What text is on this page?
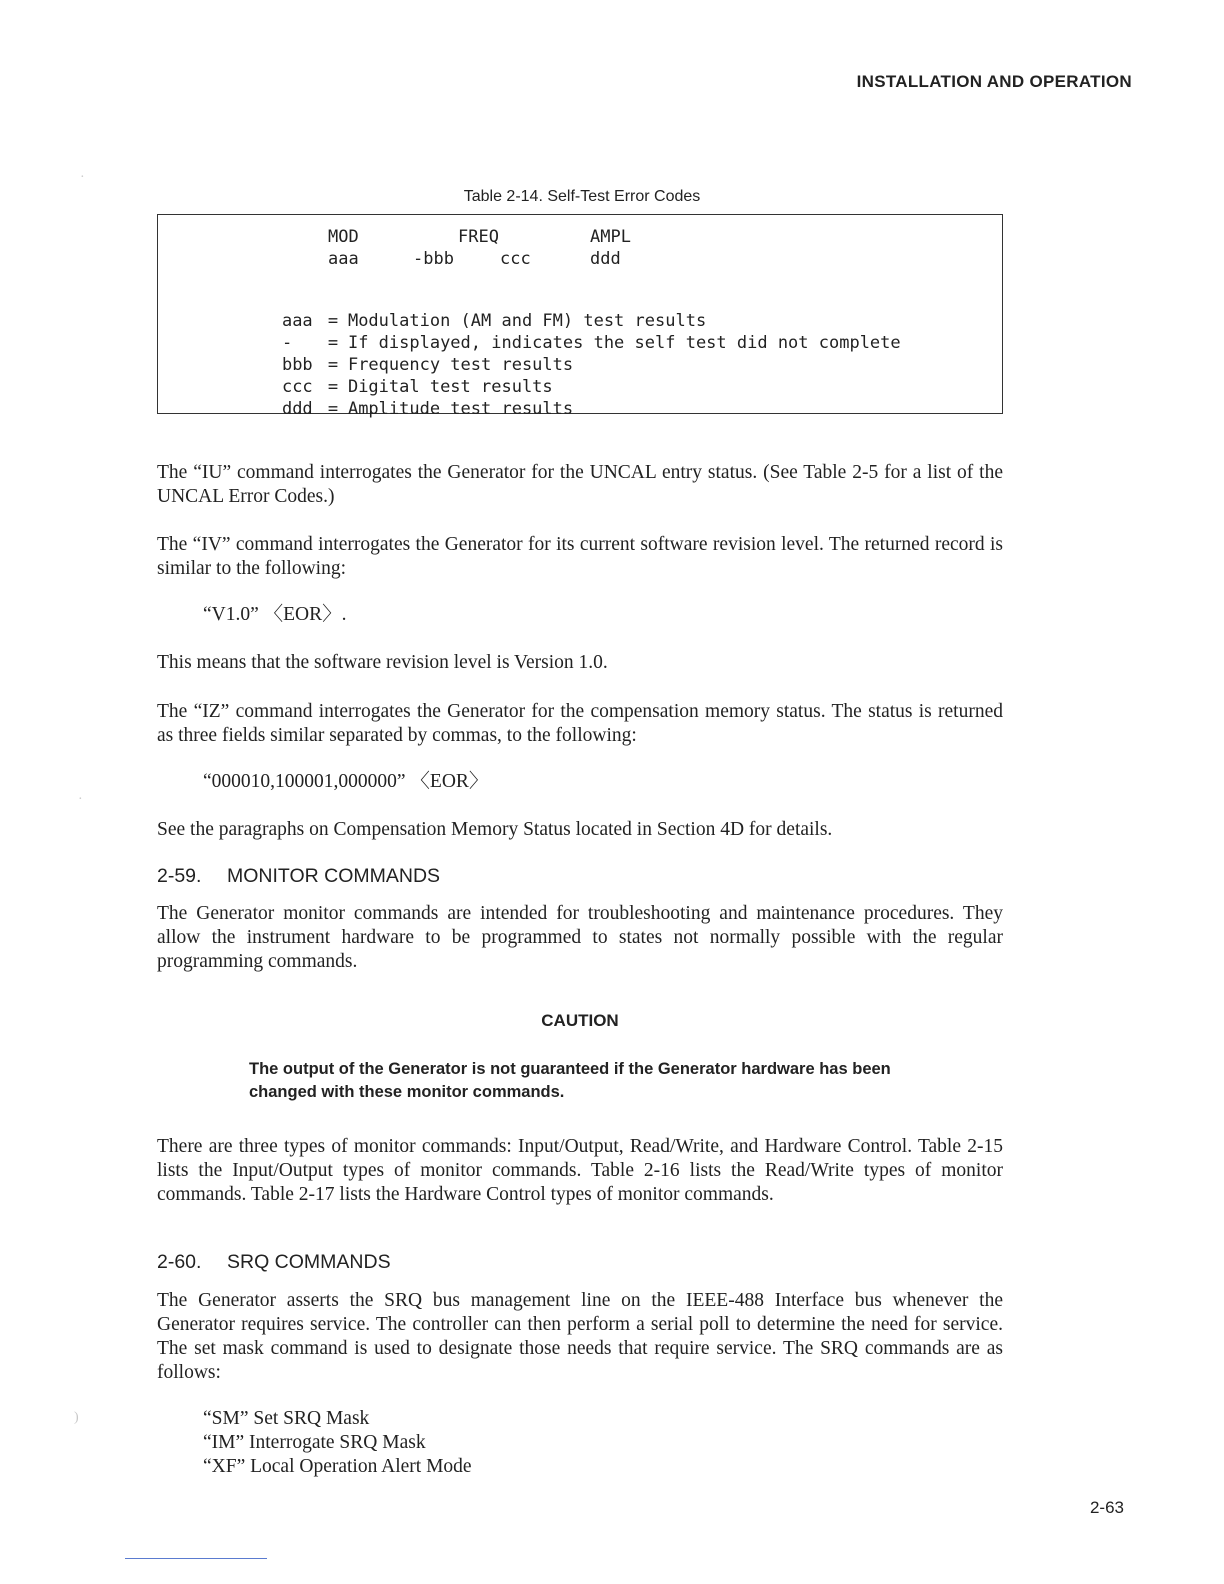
INSTALLATION AND OPERATION
Table 2-14. Self-Test Error Codes
MOD	FREQ	AMPL
aaa	-bbb	ccc	ddd

aaa = Modulation (AM and FM) test results

- = If displayed, indicates the self test did not complete

bbb = Frequency test results

ccc = Digital test results

ddd = Amplitude test results

The “IU” command interrogates the Generator for the UNCAL entry status. (See Table 2-5 for a list of the UNCAL Error Codes.)

The “IV” command interrogates the Generator for its current software revision level. The returned record is similar to the following:

“V1.0” 〈EOR〉.

This means that the software revision level is Version 1.0.

The “IZ” command interrogates the Generator for the compensation memory status. The status is returned as three fields similar separated by commas, to the following:

“000010,100001,000000” 〈EOR〉

See the paragraphs on Compensation Memory Status located in Section 4D for details.

2-59. MONITOR COMMANDS

The Generator monitor commands are intended for troubleshooting and maintenance procedures. They allow the instrument hardware to be programmed to states not normally possible with the regular programming commands.

CAUTION

The output of the Generator is not guaranteed if the Generator hardware has been changed with these monitor commands.

There are three types of monitor commands: Input/Output, Read/Write, and Hardware Control. Table 2-15 lists the Input/Output types of monitor commands. Table 2-16 lists the Read/Write types of monitor commands. Table 2-17 lists the Hardware Control types of monitor commands.

2-60. SRQ COMMANDS

The Generator asserts the SRQ bus management line on the IEEE-488 Interface bus whenever the Generator requires service. The controller can then perform a serial poll to determine the need for service. The set mask command is used to designate those needs that require service. The SRQ commands are as follows:

“SM” Set SRQ Mask

“IM” Interrogate SRQ Mask

“XF” Local Operation Alert Mode

2-63
·
·
)
